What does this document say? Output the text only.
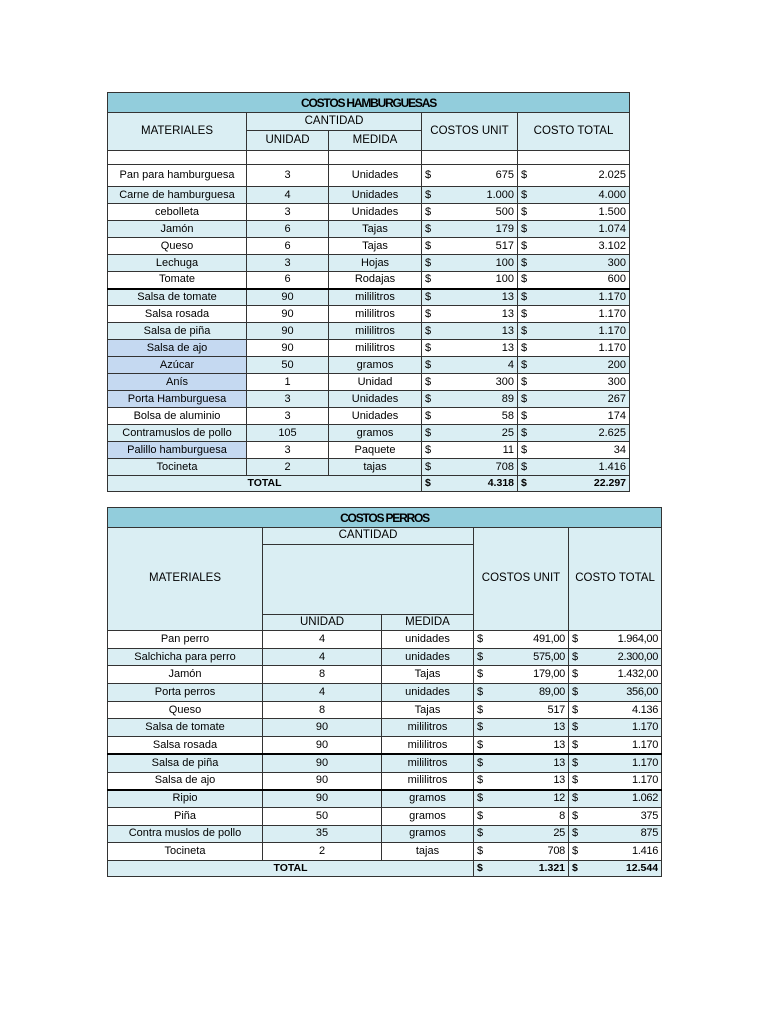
COSTOS HAMBURGUESAS						
MATERIALES	CANTIDAD		COSTOS UNIT		COSTO TOTAL	
	UNIDAD	MEDIDA				

Pan para hamburguesa	3	Unidades	$	675	$	2.025
Carne de hamburguesa	4	Unidades	$	1.000	$	4.000
cebolleta	3	Unidades	$	500	$	1.500
Jamón	6	Tajas	$	179	$	1.074
Queso	6	Tajas	$	517	$	3.102
Lechuga	3	Hojas	$	100	$	300
Tomate	6	Rodajas	$	100	$	600
Salsa de tomate	90	mililitros	$	13	$	1.170
Salsa rosada	90	mililitros	$	13	$	1.170
Salsa de piña	90	mililitros	$	13	$	1.170
Salsa de ajo	90	mililitros	$	13	$	1.170
Azúcar	50	gramos	$	4	$	200
Anís	1	Unidad	$	300	$	300
Porta Hamburguesa	3	Unidades	$	89	$	267
Bolsa de aluminio	3	Unidades	$	58	$	174
Contramuslos de pollo	105	gramos	$	25	$	2.625
Palillo hamburguesa	3	Paquete	$	11	$	34
Tocineta	2	tajas	$	708	$	1.416
TOTAL			$	4.318	$	22.297
COSTOS PERROS						
MATERIALES	CANTIDAD		COSTOS UNIT		COSTO TOTAL	

	UNIDAD	MEDIDA				
Pan perro	4	unidades	$	491,00	$	1.964,00
Salchicha para perro	4	unidades	$	575,00	$	2.300,00
Jamón	8	Tajas	$	179,00	$	1.432,00
Porta perros	4	unidades	$	89,00	$	356,00
Queso	8	Tajas	$	517	$	4.136
Salsa de tomate	90	mililitros	$	13	$	1.170
Salsa rosada	90	mililitros	$	13	$	1.170
Salsa de piña	90	mililitros	$	13	$	1.170
Salsa de ajo	90	mililitros	$	13	$	1.170
Ripio	90	gramos	$	12	$	1.062
Piña	50	gramos	$	8	$	375
Contra muslos de pollo	35	gramos	$	25	$	875
Tocineta	2	tajas	$	708	$	1.416
TOTAL			$	1.321	$	12.544
